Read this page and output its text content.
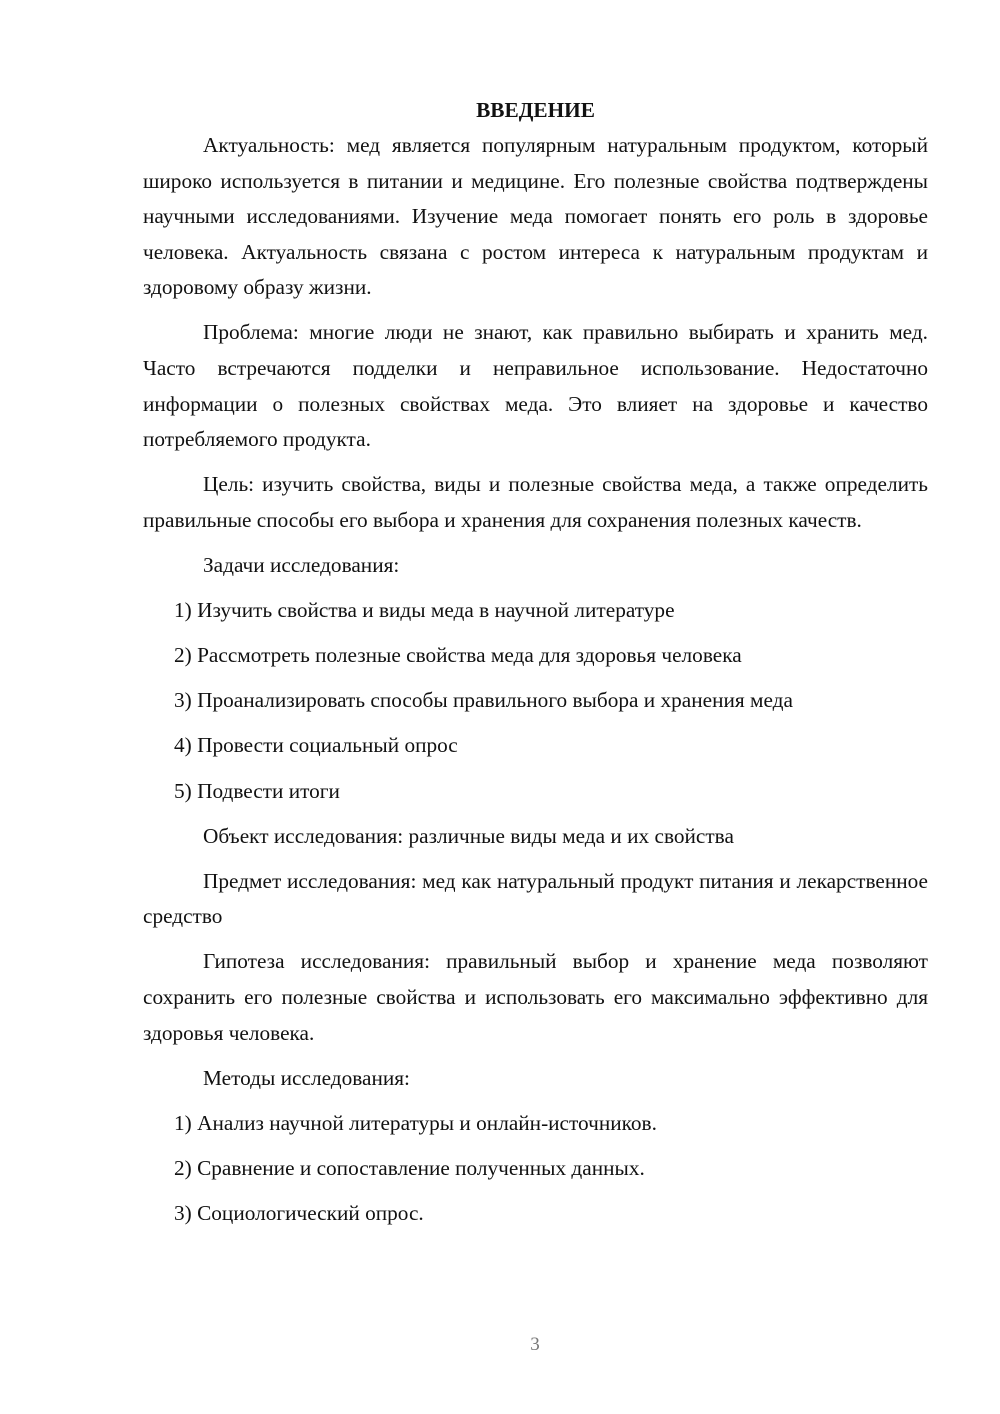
ВВЕДЕНИЕ

Актуальность: мед является популярным натуральным продуктом, который широко используется в питании и медицине. Его полезные свойства подтверждены научными исследованиями. Изучение меда помогает понять его роль в здоровье человека. Актуальность связана с ростом интереса к натуральным продуктам и здоровому образу жизни.

Проблема: многие люди не знают, как правильно выбирать и хранить мед. Часто встречаются подделки и неправильное использование. Недостаточно информации о полезных свойствах меда. Это влияет на здоровье и качество потребляемого продукта.

Цель: изучить свойства, виды и полезные свойства меда, а также определить правильные способы его выбора и хранения для сохранения полезных качеств.

Задачи исследования:

1) Изучить свойства и виды меда в научной литературе

2) Рассмотреть полезные свойства меда для здоровья человека

3) Проанализировать способы правильного выбора и хранения меда

4) Провести социальный опрос

5) Подвести итоги

Объект исследования: различные виды меда и их свойства

Предмет исследования: мед как натуральный продукт питания и лекарственное средство

Гипотеза исследования: правильный выбор и хранение меда позволяют сохранить его полезные свойства и использовать его максимально эффективно для здоровья человека.

Методы исследования:

1) Анализ научной литературы и онлайн-источников.

2) Сравнение и сопоставление полученных данных.

3) Социологический опрос.

3
